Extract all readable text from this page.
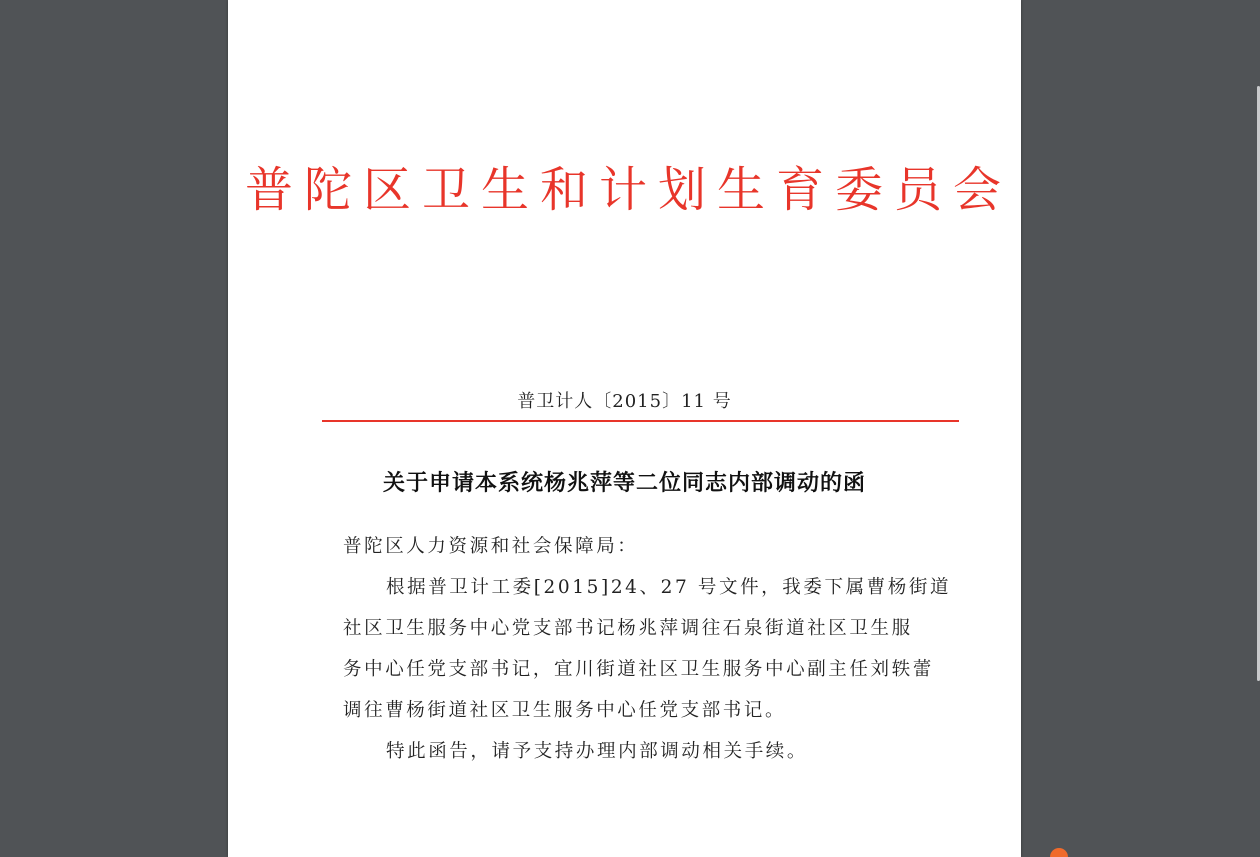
普陀区卫生和计划生育委员会
普卫计人〔2015〕11 号
关于申请本系统杨兆萍等二位同志内部调动的函

普陀区人力资源和社会保障局：

根据普卫计工委[2015]24、27 号文件，我委下属曹杨街道

社区卫生服务中心党支部书记杨兆萍调往石泉街道社区卫生服

务中心任党支部书记，宜川街道社区卫生服务中心副主任刘轶蕾

调往曹杨街道社区卫生服务中心任党支部书记。

特此函告，请予支持办理内部调动相关手续。
